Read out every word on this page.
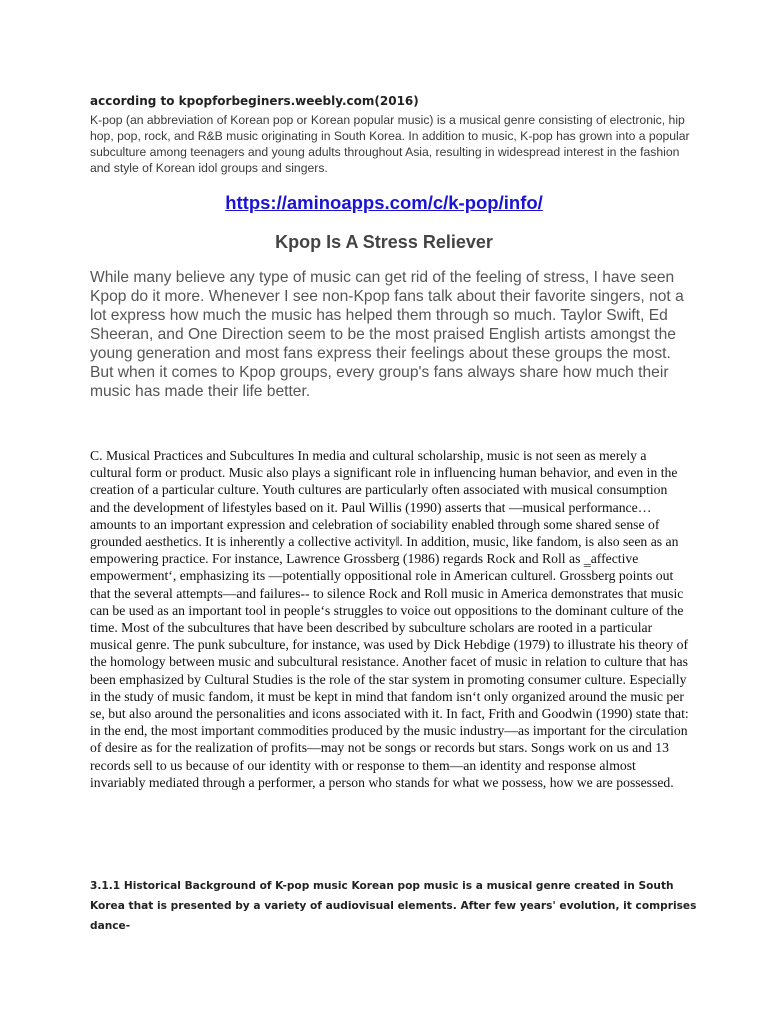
according to kpopforbeginers.weebly.com(2016)

K-pop (an abbreviation of Korean pop or Korean popular music) is a musical genre consisting of electronic, hip hop, pop, rock, and R&B music originating in South Korea. In addition to music, K-pop has grown into a popular subculture among teenagers and young adults throughout Asia, resulting in widespread interest in the fashion and style of Korean idol groups and singers.

https://aminoapps.com/c/k-pop/info/

Kpop Is A Stress Reliever

While many believe any type of music can get rid of the feeling of stress, I have seen Kpop do it more. Whenever I see non-Kpop fans talk about their favorite singers, not a lot express how much the music has helped them through so much. Taylor Swift, Ed Sheeran, and One Direction seem to be the most praised English artists amongst the young generation and most fans express their feelings about these groups the most. But when it comes to Kpop groups, every group's fans always share how much their music has made their life better.

C. Musical Practices and Subcultures In media and cultural scholarship, music is not seen as merely a cultural form or product. Music also plays a significant role in influencing human behavior, and even in the creation of a particular culture. Youth cultures are particularly often associated with musical consumption and the development of lifestyles based on it. Paul Willis (1990) asserts that ―musical performance… amounts to an important expression and celebration of sociability enabled through some shared sense of grounded aesthetics. It is inherently a collective activity‖. In addition, music, like fandom, is also seen as an empowering practice. For instance, Lawrence Grossberg (1986) regards Rock and Roll as ‗affective empowerment‘, emphasizing its ―potentially oppositional role in American culture‖. Grossberg points out that the several attempts—and failures-- to silence Rock and Roll music in America demonstrates that music can be used as an important tool in people‘s struggles to voice out oppositions to the dominant culture of the time. Most of the subcultures that have been described by subculture scholars are rooted in a particular musical genre. The punk subculture, for instance, was used by Dick Hebdige (1979) to illustrate his theory of the homology between music and subcultural resistance. Another facet of music in relation to culture that has been emphasized by Cultural Studies is the role of the star system in promoting consumer culture. Especially in the study of music fandom, it must be kept in mind that fandom isn‘t only organized around the music per se, but also around the personalities and icons associated with it. In fact, Frith and Goodwin (1990) state that: in the end, the most important commodities produced by the music industry—as important for the circulation of desire as for the realization of profits—may not be songs or records but stars. Songs work on us and 13 records sell to us because of our identity with or response to them—an identity and response almost invariably mediated through a performer, a person who stands for what we possess, how we are possessed.

3.1.1 Historical Background of K-pop music Korean pop music is a musical genre created in South Korea that is presented by a variety of audiovisual elements. After few years' evolution, it comprises dance-
